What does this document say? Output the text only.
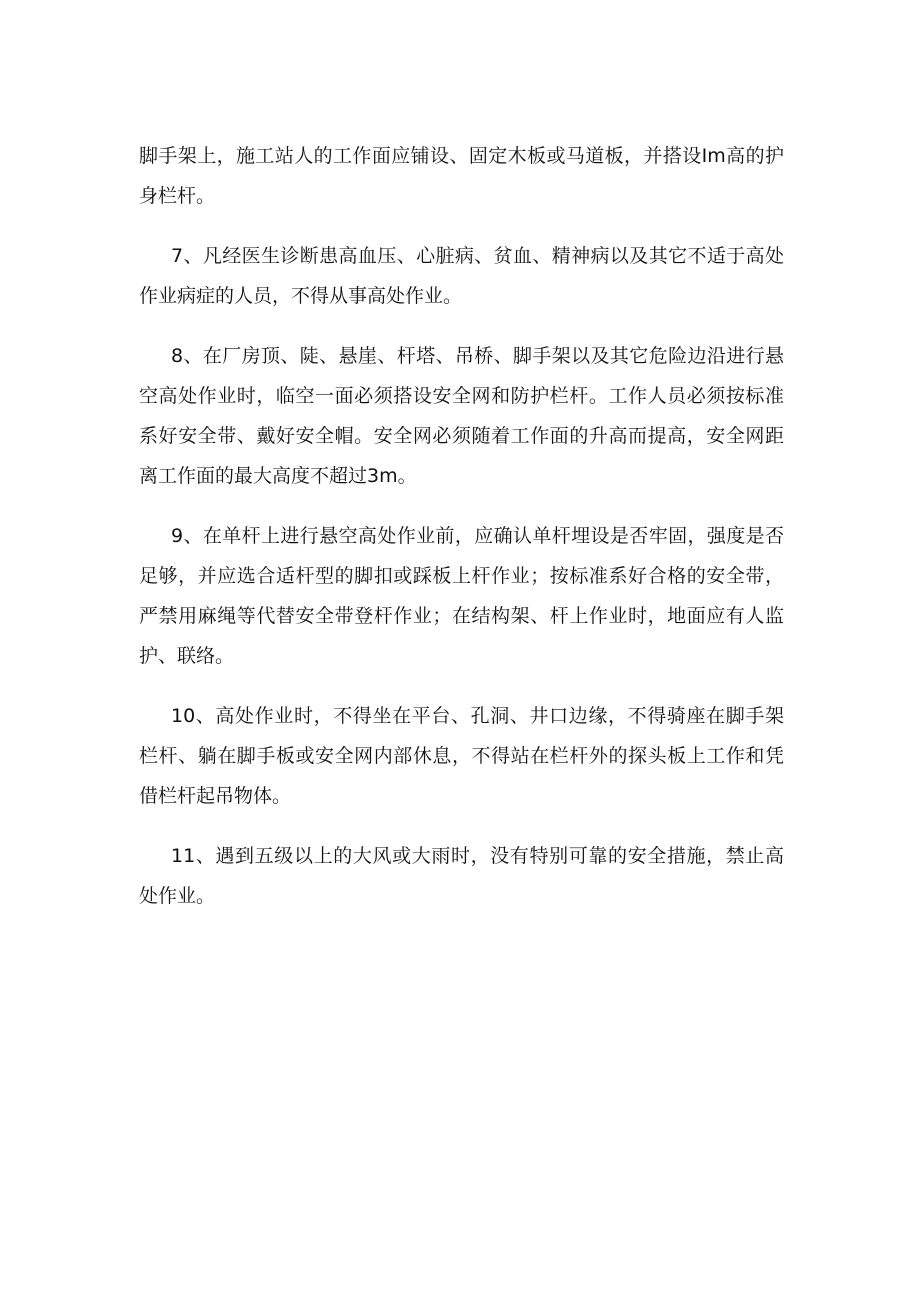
脚手架上，施工站人的工作面应铺设、固定木板或马道板，并搭设Im高的护身栏杆。

7、凡经医生诊断患高血压、心脏病、贫血、精神病以及其它不适于高处作业病症的人员，不得从事高处作业。

8、在厂房顶、陡、悬崖、杆塔、吊桥、脚手架以及其它危险边沿进行悬空高处作业时，临空一面必须搭设安全网和防护栏杆。工作人员必须按标准系好安全带、戴好安全帽。安全网必须随着工作面的升高而提高，安全网距离工作面的最大高度不超过3m。

9、在单杆上进行悬空高处作业前，应确认单杆埋设是否牢固，强度是否足够，并应选合适杆型的脚扣或踩板上杆作业；按标准系好合格的安全带，严禁用麻绳等代替安全带登杆作业；在结构架、杆上作业时，地面应有人监护、联络。

10、高处作业时，不得坐在平台、孔洞、井口边缘，不得骑座在脚手架栏杆、躺在脚手板或安全网内部休息，不得站在栏杆外的探头板上工作和凭借栏杆起吊物体。

11、遇到五级以上的大风或大雨时，没有特别可靠的安全措施，禁止高处作业。
